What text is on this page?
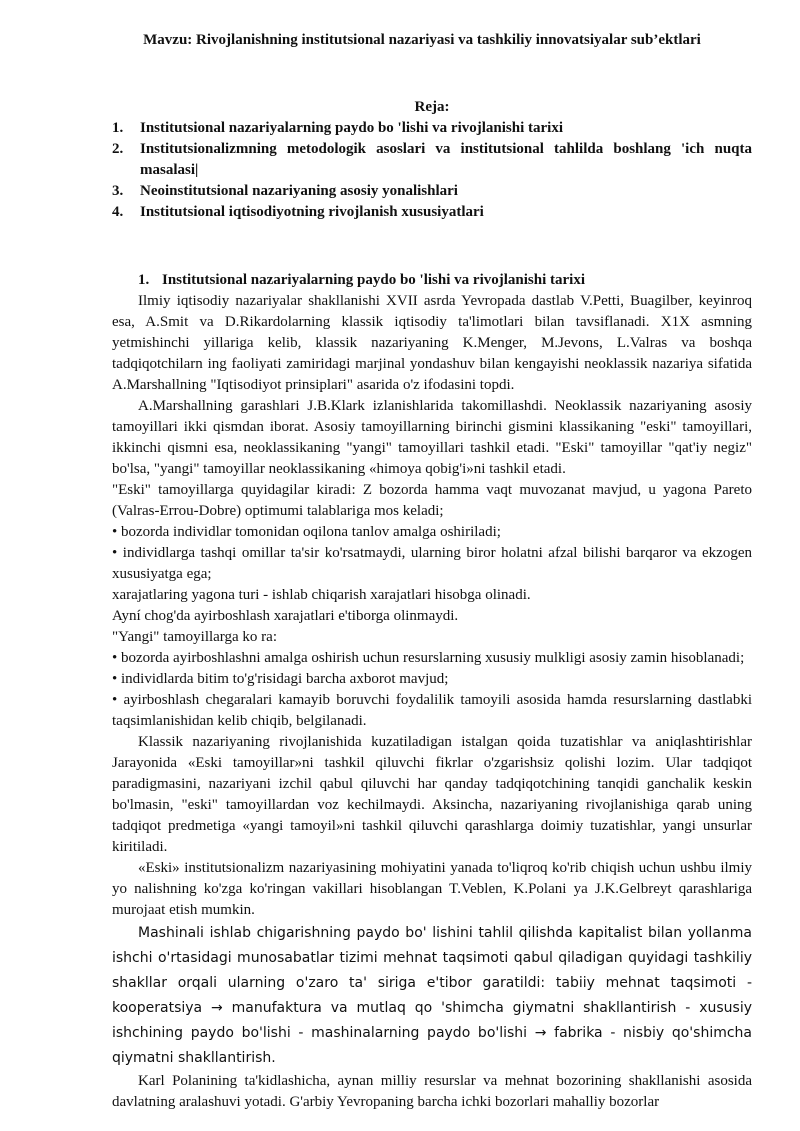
Mavzu: Rivojlanishning institutsional nazariyasi va tashkiliy innovatsiyalar sub’ektlari
Reja:
1.	Institutsional nazariyalarning paydo bo 'lishi va rivojlanishi tarixi
2.	Institutsionalizmning metodologik asoslari va institutsional tahlilda boshlang 'ich nuqta masalasi|
3.	Neoinstitutsional nazariyaning asosiy yonalishlari
4.	Institutsional iqtisodiyotning rivojlanish xususiyatlari
1. Institutsional nazariyalarning paydo bo 'lishi va rivojlanishi tarixi

Ilmiy iqtisodiy nazariyalar shakllanishi XVII asrda Yevropada dastlab V.Petti, Buagilber, keyinroq esa, A.Smit va D.Rikardolarning klassik iqtisodiy ta'limotlari bilan tavsiflanadi. X1X asmning yetmishinchi yillariga kelib, klassik nazariyaning K.Menger, M.Jevons, L.Valras va boshqa tadqiqotchilarn ing faoliyati zamiridagi marjinal yondashuv bilan kengayishi neoklassik nazariya sifatida A.Marshallning "Iqtisodiyot prinsiplari" asarida o'z ifodasini topdi.

A.Marshallning garashlari J.B.Klark izlanishlarida takomillashdi. Neoklassik nazariyaning asosiy tamoyillari ikki qismdan iborat. Asosiy tamoyillarning birinchi gismini klassikaning "eski" tamoyillari, ikkinchi qismni esa, neoklassikaning "yangi" tamoyillari tashkil etadi. "Eski" tamoyillar "qat'iy negiz" bo'lsa, "yangi" tamoyillar neoklassikaning «himoya qobig'i»ni tashkil etadi.

"Eski" tamoyillarga quyidagilar kiradi: Z bozorda hamma vaqt muvozanat mavjud, u yagona Pareto (Valras-Errou-Dobre) optimumi talablariga mos keladi;

• bozorda individlar tomonidan oqilona tanlov amalga oshiriladi;

• individlarga tashqi omillar ta'sir ko'rsatmaydi, ularning biror holatni afzal bilishi barqaror va ekzogen xususiyatga ega;

xarajatlaring yagona turi - ishlab chiqarish xarajatlari hisobga olinadi.

Ayní chog'da ayirboshlash xarajatlari e'tiborga olinmaydi.

"Yangi" tamoyillarga ko ra:

• bozorda ayirboshlashni amalga oshirish uchun resurslarning xususiy mulkligi asosiy zamin hisoblanadi;

• individlarda bitim to'g'risidagi barcha axborot mavjud;

• ayirboshlash chegaralari kamayib boruvchi foydalilik tamoyili asosida hamda resurslarning dastlabki taqsimlanishidan kelib chiqib, belgilanadi.

Klassik nazariyaning rivojlanishida kuzatiladigan istalgan qoida tuzatishlar va aniqlashtirishlar Jarayonida «Eski tamoyillar»ni tashkil qiluvchi fikrlar o'zgarishsiz qolishi lozim. Ular tadqiqot paradigmasini, nazariyani izchil qabul qiluvchi har qanday tadqiqotchining tanqidi ganchalik keskin bo'lmasin, "eski" tamoyillardan voz kechilmaydi. Aksincha, nazariyaning rivojlanishiga qarab uning tadqiqot predmetiga «yangi tamoyil»ni tashkil qiluvchi qarashlarga doimiy tuzatishlar, yangi unsurlar kiritiladi.

«Eski» institutsionalizm nazariyasining mohiyatini yanada to'liqroq ko'rib chiqish uchun ushbu ilmiy yo nalishning ko'zga ko'ringan vakillari hisoblangan T.Veblen, K.Polani ya J.K.Gelbreyt qarashlariga murojaat etish mumkin.

Mashinali ishlab chigarishning paydo bo' lishini tahlil qilishda kapitalist bilan yollanma ishchi o'rtasidagi munosabatlar tizimi mehnat taqsimoti qabul qiladigan quyidagi tashkiliy shakllar orqali ularning o'zaro ta' siriga e'tibor garatildi: tabiiy mehnat taqsimoti - kooperatsiya → manufaktura va mutlaq qo 'shimcha giymatni shakllantirish - xususiy ishchining paydo bo'lishi - mashinalarning paydo bo'lishi → fabrika - nisbiy qo'shimcha qiymatni shakllantirish.

Karl Polanining ta'kidlashicha, aynan milliy resurslar va mehnat bozorining shakllanishi asosida davlatning aralashuvi yotadi. G'arbiy Yevropaning barcha ichki bozorlari mahalliy bozorlar
